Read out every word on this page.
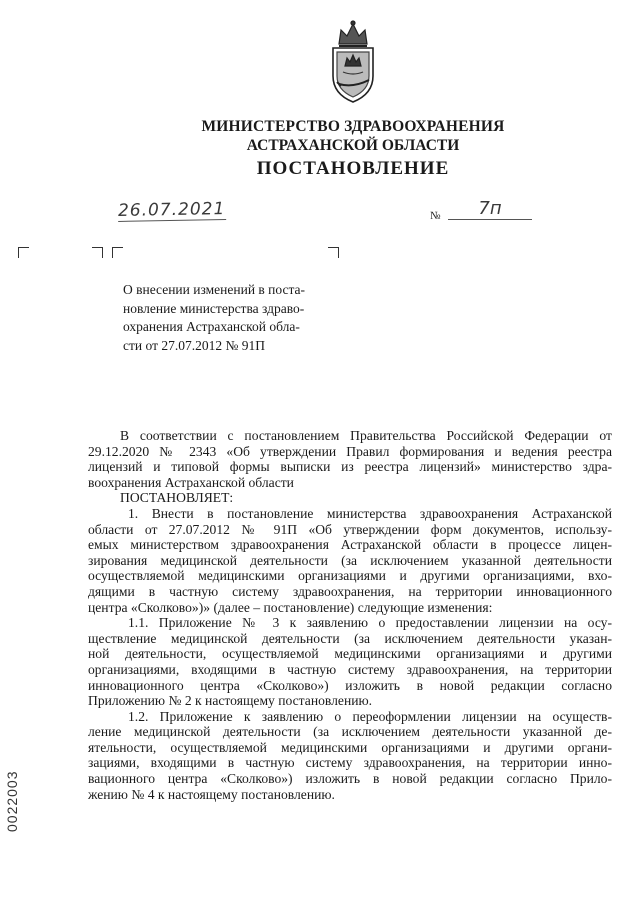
МИНИСТЕРСТВО ЗДРАВООХРАНЕНИЯ
АСТРАХАНСКОЙ ОБЛАСТИ
ПОСТАНОВЛЕНИЕ
26.07.2021	№	7п
О внесении изменений в поста-
новление министерства здраво-
охранения Астраханской обла-
сти от 27.07.2012 № 91П
В соответствии с постановлением Правительства Российской Федерации от
29.12.2020 № 2343 «Об утверждении Правил формирования и ведения реестра
лицензий и типовой формы выписки из реестра лицензий» министерство здра-
воохранения Астраханской области
ПОСТАНОВЛЯЕТ:
1. Внести в постановление министерства здравоохранения Астраханской
области от 27.07.2012 № 91П «Об утверждении форм документов, использу-
емых министерством здравоохранения Астраханской области в процессе лицен-
зирования медицинской деятельности (за исключением указанной деятельности
осуществляемой медицинскими организациями и другими организациями, вхо-
дящими в частную систему здравоохранения, на территории инновационного
центра «Сколково»)» (далее – постановление) следующие изменения:
1.1. Приложение № 3 к заявлению о предоставлении лицензии на осу-
ществление медицинской деятельности (за исключением деятельности указан-
ной деятельности, осуществляемой медицинскими организациями и другими
организациями, входящими в частную систему здравоохранения, на территории
инновационного центра «Сколково») изложить в новой редакции согласно
Приложению № 2 к настоящему постановлению.
1.2. Приложение к заявлению о переоформлении лицензии на осуществ-
ление медицинской деятельности (за исключением деятельности указанной де-
ятельности, осуществляемой медицинскими организациями и другими органи-
зациями, входящими в частную систему здравоохранения, на территории инно-
вационного центра «Сколково») изложить в новой редакции согласно Прило-
жению № 4 к настоящему постановлению.
0022003
